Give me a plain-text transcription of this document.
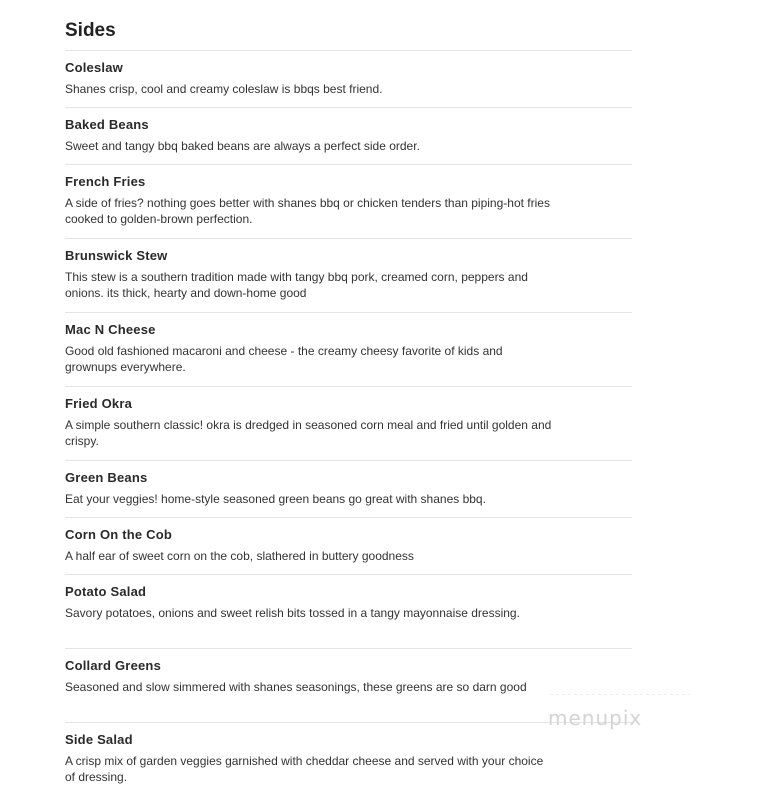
Sides
Coleslaw
Shanes crisp, cool and creamy coleslaw is bbqs best friend.
Baked Beans
Sweet and tangy bbq baked beans are always a perfect side order.
French Fries
A side of fries? nothing goes better with shanes bbq or chicken tenders than piping-hot fries cooked to golden-brown perfection.
Brunswick Stew
This stew is a southern tradition made with tangy bbq pork, creamed corn, peppers and onions. its thick, hearty and down-home good
Mac N Cheese
Good old fashioned macaroni and cheese - the creamy cheesy favorite of kids and grownups everywhere.
Fried Okra
A simple southern classic! okra is dredged in seasoned corn meal and fried until golden and crispy.
Green Beans
Eat your veggies! home-style seasoned green beans go great with shanes bbq.
Corn On the Cob
A half ear of sweet corn on the cob, slathered in buttery goodness
Potato Salad
Savory potatoes, onions and sweet relish bits tossed in a tangy mayonnaise dressing.
Collard Greens
Seasoned and slow simmered with shanes seasonings, these greens are so darn good
Side Salad
A crisp mix of garden veggies garnished with cheddar cheese and served with your choice of dressing.
menupix
